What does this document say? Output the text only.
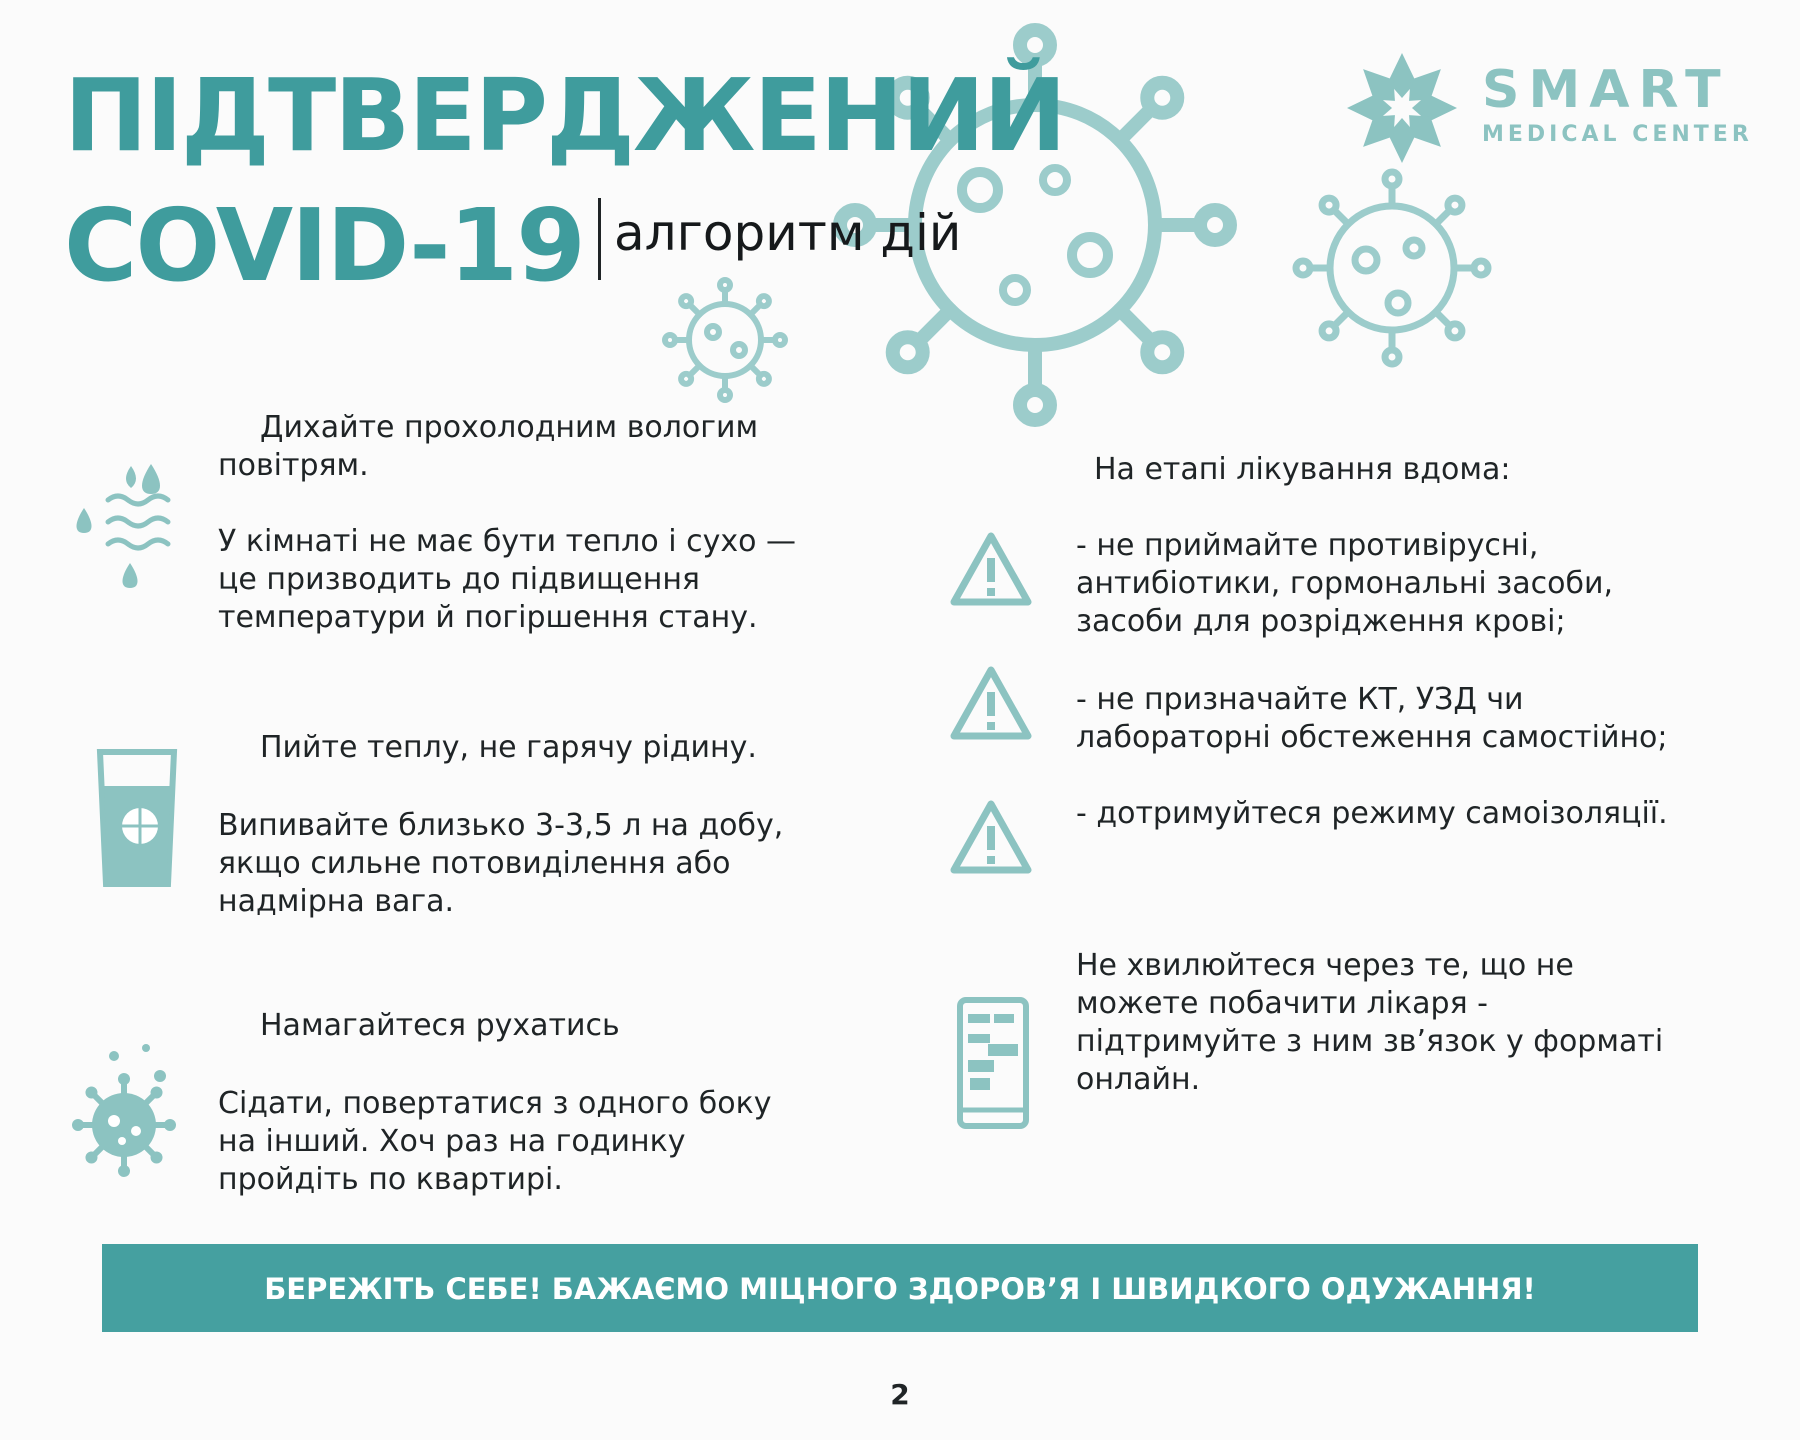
ПІДТВЕРДЖЕНИЙ
COVID-19 алгоритм дій
SMART
MEDICAL CENTER
Дихайте прохолодним вологим
повітрям.
У кімнаті не має бути тепло і сухо —
це призводить до підвищення
температури й погіршення стану.
Пийте теплу, не гарячу рідину.
Випивайте близько 3-3,5 л на добу,
якщо сильне потовиділення або
надмірна вага.
Намагайтеся рухатись
Сідати, повертатися з одного боку
на інший. Хоч раз на годинку
пройдіть по квартирі.
На етапі лікування вдома:
- не приймайте противірусні,
антибіотики, гормональні засоби,
засоби для розрідження крові;
- не призначайте КТ, УЗД чи
лабораторні обстеження самостійно;
- дотримуйтеся режиму самоізоляції.
Не хвилюйтеся через те, що не
можете побачити лікаря -
підтримуйте з ним зв’язок у форматі
онлайн.
БЕРЕЖІТЬ СЕБЕ! БАЖАЄМО МІЦНОГО ЗДОРОВ’Я І ШВИДКОГО ОДУЖАННЯ!
2
